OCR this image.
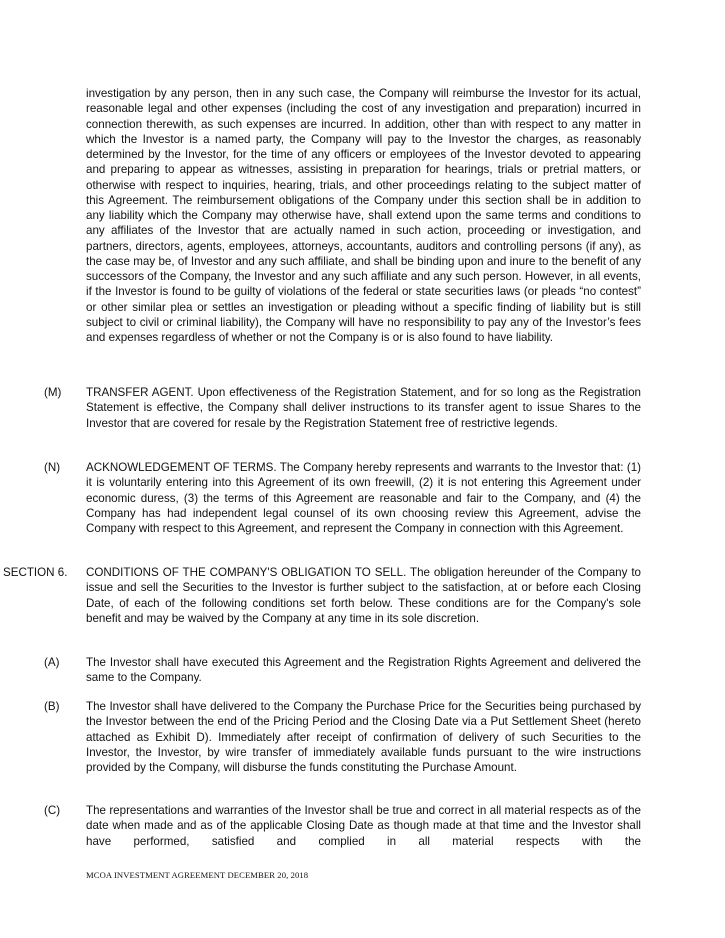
investigation by any person, then in any such case, the Company will reimburse the Investor for its actual, reasonable legal and other expenses (including the cost of any investigation and preparation) incurred in connection therewith, as such expenses are incurred. In addition, other than with respect to any matter in which the Investor is a named party, the Company will pay to the Investor the charges, as reasonably determined by the Investor, for the time of any officers or employees of the Investor devoted to appearing and preparing to appear as witnesses, assisting in preparation for hearings, trials or pretrial matters, or otherwise with respect to inquiries, hearing, trials, and other proceedings relating to the subject matter of this Agreement. The reimbursement obligations of the Company under this section shall be in addition to any liability which the Company may otherwise have, shall extend upon the same terms and conditions to any affiliates of the Investor that are actually named in such action, proceeding or investigation, and partners, directors, agents, employees, attorneys, accountants, auditors and controlling persons (if any), as the case may be, of Investor and any such affiliate, and shall be binding upon and inure to the benefit of any successors of the Company, the Investor and any such affiliate and any such person. However, in all events, if the Investor is found to be guilty of violations of the federal or state securities laws (or pleads “no contest” or other similar plea or settles an investigation or pleading without a specific finding of liability but is still subject to civil or criminal liability), the Company will have no responsibility to pay any of the Investor’s fees and expenses regardless of whether or not the Company is or is also found to have liability.
(M) TRANSFER AGENT. Upon effectiveness of the Registration Statement, and for so long as the Registration Statement is effective, the Company shall deliver instructions to its transfer agent to issue Shares to the Investor that are covered for resale by the Registration Statement free of restrictive legends.
(N) ACKNOWLEDGEMENT OF TERMS. The Company hereby represents and warrants to the Investor that: (1) it is voluntarily entering into this Agreement of its own freewill, (2) it is not entering this Agreement under economic duress, (3) the terms of this Agreement are reasonable and fair to the Company, and (4) the Company has had independent legal counsel of its own choosing review this Agreement, advise the Company with respect to this Agreement, and represent the Company in connection with this Agreement.
SECTION 6. CONDITIONS OF THE COMPANY'S OBLIGATION TO SELL. The obligation hereunder of the Company to issue and sell the Securities to the Investor is further subject to the satisfaction, at or before each Closing Date, of each of the following conditions set forth below. These conditions are for the Company's sole benefit and may be waived by the Company at any time in its sole discretion.
(A) The Investor shall have executed this Agreement and the Registration Rights Agreement and delivered the same to the Company.
(B) The Investor shall have delivered to the Company the Purchase Price for the Securities being purchased by the Investor between the end of the Pricing Period and the Closing Date via a Put Settlement Sheet (hereto attached as Exhibit D). Immediately after receipt of confirmation of delivery of such Securities to the Investor, the Investor, by wire transfer of immediately available funds pursuant to the wire instructions provided by the Company, will disburse the funds constituting the Purchase Amount.
(C) The representations and warranties of the Investor shall be true and correct in all material respects as of the date when made and as of the applicable Closing Date as though made at that time and the Investor shall have performed, satisfied and complied in all material respects with the
MCOA INVESTMENT AGREEMENT DECEMBER 20, 2018
